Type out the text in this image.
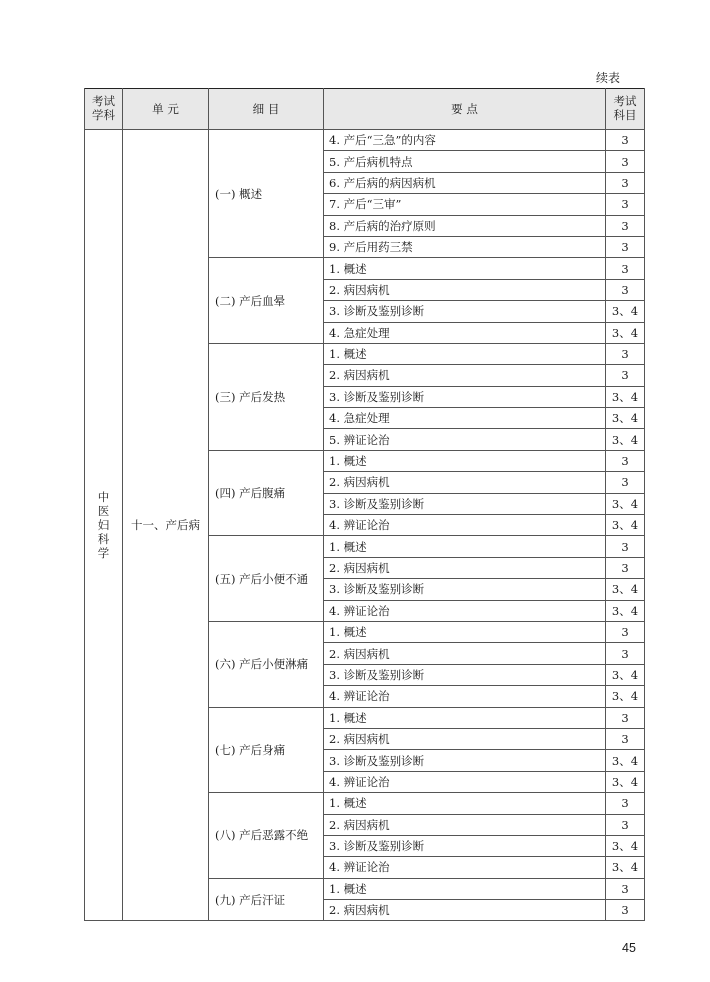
续表
考试学科	单 元	细 目	要 点	考试科目
中医妇科学	十一、产后病	(一) 概述	4. 产后“三急”的内容	3
			5. 产后病机特点	3
			6. 产后病的病因病机	3
			7. 产后“三审”	3
			8. 产后病的治疗原则	3
			9. 产后用药三禁	3
		(二) 产后血晕	1. 概述	3
			2. 病因病机	3
			3. 诊断及鉴别诊断	3、4
			4. 急症处理	3、4
		(三) 产后发热	1. 概述	3
			2. 病因病机	3
			3. 诊断及鉴别诊断	3、4
			4. 急症处理	3、4
			5. 辨证论治	3、4
		(四) 产后腹痛	1. 概述	3
			2. 病因病机	3
			3. 诊断及鉴别诊断	3、4
			4. 辨证论治	3、4
		(五) 产后小便不通	1. 概述	3
			2. 病因病机	3
			3. 诊断及鉴别诊断	3、4
			4. 辨证论治	3、4
		(六) 产后小便淋痛	1. 概述	3
			2. 病因病机	3
			3. 诊断及鉴别诊断	3、4
			4. 辨证论治	3、4
		(七) 产后身痛	1. 概述	3
			2. 病因病机	3
			3. 诊断及鉴别诊断	3、4
			4. 辨证论治	3、4
		(八) 产后恶露不绝	1. 概述	3
			2. 病因病机	3
			3. 诊断及鉴别诊断	3、4
			4. 辨证论治	3、4
		(九) 产后汗证	1. 概述	3
			2. 病因病机	3
45
